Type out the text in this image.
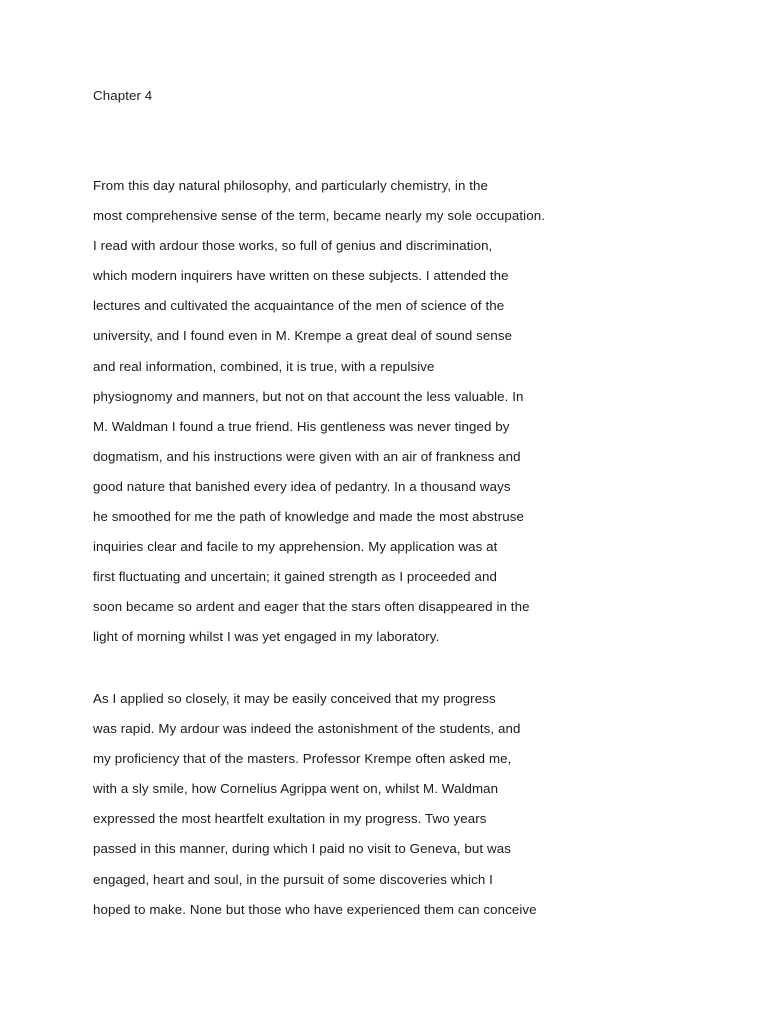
Chapter 4
From this day natural philosophy, and particularly chemistry, in the
most comprehensive sense of the term, became nearly my sole occupation.
I read with ardour those works, so full of genius and discrimination,
which modern inquirers have written on these subjects. I attended the
lectures and cultivated the acquaintance of the men of science of the
university, and I found even in M. Krempe a great deal of sound sense
and real information, combined, it is true, with a repulsive
physiognomy and manners, but not on that account the less valuable. In
M. Waldman I found a true friend. His gentleness was never tinged by
dogmatism, and his instructions were given with an air of frankness and
good nature that banished every idea of pedantry. In a thousand ways
he smoothed for me the path of knowledge and made the most abstruse
inquiries clear and facile to my apprehension. My application was at
first fluctuating and uncertain; it gained strength as I proceeded and
soon became so ardent and eager that the stars often disappeared in the
light of morning whilst I was yet engaged in my laboratory.
As I applied so closely, it may be easily conceived that my progress
was rapid. My ardour was indeed the astonishment of the students, and
my proficiency that of the masters. Professor Krempe often asked me,
with a sly smile, how Cornelius Agrippa went on, whilst M. Waldman
expressed the most heartfelt exultation in my progress. Two years
passed in this manner, during which I paid no visit to Geneva, but was
engaged, heart and soul, in the pursuit of some discoveries which I
hoped to make. None but those who have experienced them can conceive
